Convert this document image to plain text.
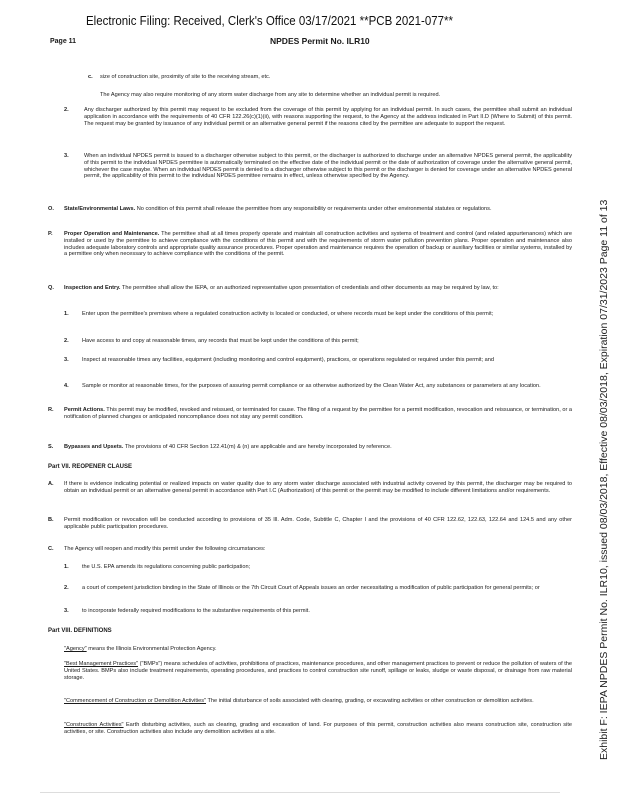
Electronic Filing: Received, Clerk's Office 03/17/2021 **PCB 2021-077**
Page 11	NPDES Permit No. ILR10
Exhibit F: IEPA NPDES Permit No. ILR10, issued 08/03/2018, Effective 08/03/2018, Expiration 07/31/2023 Page 11 of 13
c. size of construction site, proximity of site to the receiving stream, etc.
The Agency may also require monitoring of any storm water discharge from any site to determine whether an individual permit is required.
2.	Any discharger authorized by this permit may request to be excluded from the coverage of this permit by applying for an individual permit. In such cases, the permittee shall submit an individual application in accordance with the requirements of 40 CFR 122.26(c)(1)(ii), with reasons supporting the request, to the Agency at the address indicated in Part II.D (Where to Submit) of this permit. The request may be granted by issuance of any individual permit or an alternative general permit if the reasons cited by the permittee are adequate to support the request.
3.	When an individual NPDES permit is issued to a discharger otherwise subject to this permit, or the discharger is authorized to discharge under an alternative NPDES general permit, the applicability of this permit to the individual NPDES permittee is automatically terminated on the effective date of the individual permit or the date of authorization of coverage under the alternative general permit, whichever the case maybe. When an individual NPDES permit is denied to a discharger otherwise subject to this permit or the discharger is denied for coverage under an alternative NPDES general permit, the applicability of this permit to the individual NPDES permittee remains in effect, unless otherwise specified by the Agency.
O. State/Environmental Laws. No condition of this permit shall release the permittee from any responsibility or requirements under other environmental statutes or regulations.
P. Proper Operation and Maintenance. The permittee shall at all times properly operate and maintain all construction activities and systems of treatment and control (and related appurtenances) which are installed or used by the permittee to achieve compliance with the conditions of this permit and with the requirements of storm water pollution prevention plans. Proper operation and maintenance also includes adequate laboratory controls and appropriate quality assurance procedures. Proper operation and maintenance requires the operation of backup or auxiliary facilities or similar systems, installed by a permittee only when necessary to achieve compliance with the conditions of the permit.
Q. Inspection and Entry. The permittee shall allow the IEPA, or an authorized representative upon presentation of credentials and other documents as may be required by law, to:
1. Enter upon the permittee's premises where a regulated construction activity is located or conducted, or where records must be kept under the conditions of this permit;
2. Have access to and copy at reasonable times, any records that must be kept under the conditions of this permit;
3. Inspect at reasonable times any facilities, equipment (including monitoring and control equipment), practices, or operations regulated or required under this permit; and
4. Sample or monitor at reasonable times, for the purposes of assuring permit compliance or as otherwise authorized by the Clean Water Act, any substances or parameters at any location.
R. Permit Actions. This permit may be modified, revoked and reissued, or terminated for cause. The filing of a request by the permittee for a permit modification, revocation and reissuance, or termination, or a notification of planned changes or anticipated noncompliance does not stay any permit condition.
S. Bypasses and Upsets. The provisions of 40 CFR Section 122.41(m) & (n) are applicable and are hereby incorporated by reference.
Part VII. REOPENER CLAUSE
A. If there is evidence indicating potential or realized impacts on water quality due to any storm water discharge associated with industrial activity covered by this permit, the discharger may be required to obtain an individual permit or an alternative general permit in accordance with Part I.C (Authorization) of this permit or the permit may be modified to include different limitations and/or requirements.
B. Permit modification or revocation will be conducted according to provisions of 35 Ill. Adm. Code, Subtitle C, Chapter I and the provisions of 40 CFR 122.62, 122.63, 122.64 and 124.5 and any other applicable public participation procedures.
C. The Agency will reopen and modify this permit under the following circumstances:
1. the U.S. EPA amends its regulations concerning public participation;
2. a court of competent jurisdiction binding in the State of Illinois or the 7th Circuit Court of Appeals issues an order necessitating a modification of public participation for general permits; or
3. to incorporate federally required modifications to the substantive requirements of this permit.
Part VIII. DEFINITIONS
"Agency" means the Illinois Environmental Protection Agency.
"Best Management Practices" ("BMPs") means schedules of activities, prohibitions of practices, maintenance procedures, and other management practices to prevent or reduce the pollution of waters of the United States. BMPs also include treatment requirements, operating procedures, and practices to control construction site runoff, spillage or leaks, sludge or waste disposal, or drainage from raw material storage.
"Commencement of Construction or Demolition Activities" The initial disturbance of soils associated with clearing, grading, or excavating activities or other construction or demolition activities.
"Construction Activities" Earth disturbing activities, such as clearing, grading and excavation of land. For purposes of this permit, construction activities also means construction site, construction site activities, or site. Construction activities also include any demolition activities at a site.
